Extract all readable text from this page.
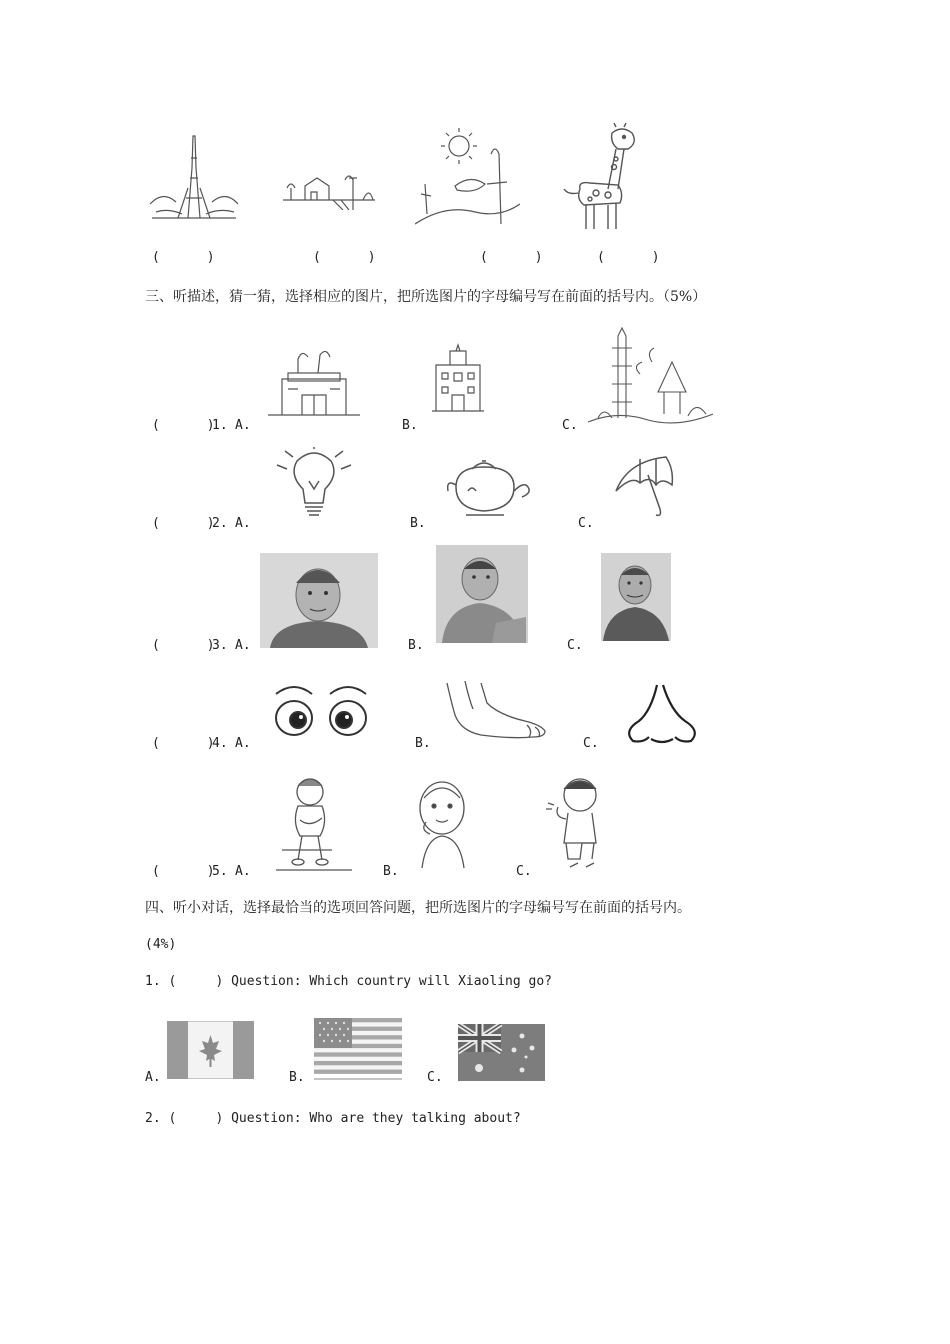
(      )	(      )	(      )	(      )
三、听描述，猜一猜，选择相应的图片，把所选图片的字母编号写在前面的括号内。（5%）
(      )
1. A.	B.	C.
(      )
2. A.	B.	C.
(      )
3. A.	B.	C.
(      )
4. A.	B.	C.
(      )
5. A.	B.	C.
四、听小对话，选择最恰当的选项回答问题，把所选图片的字母编号写在前面的括号内。
(4%)
1. (     ) Question: Which country will Xiaoling go?
A.	B.	C.
2. (     ) Question: Who are they talking about?
